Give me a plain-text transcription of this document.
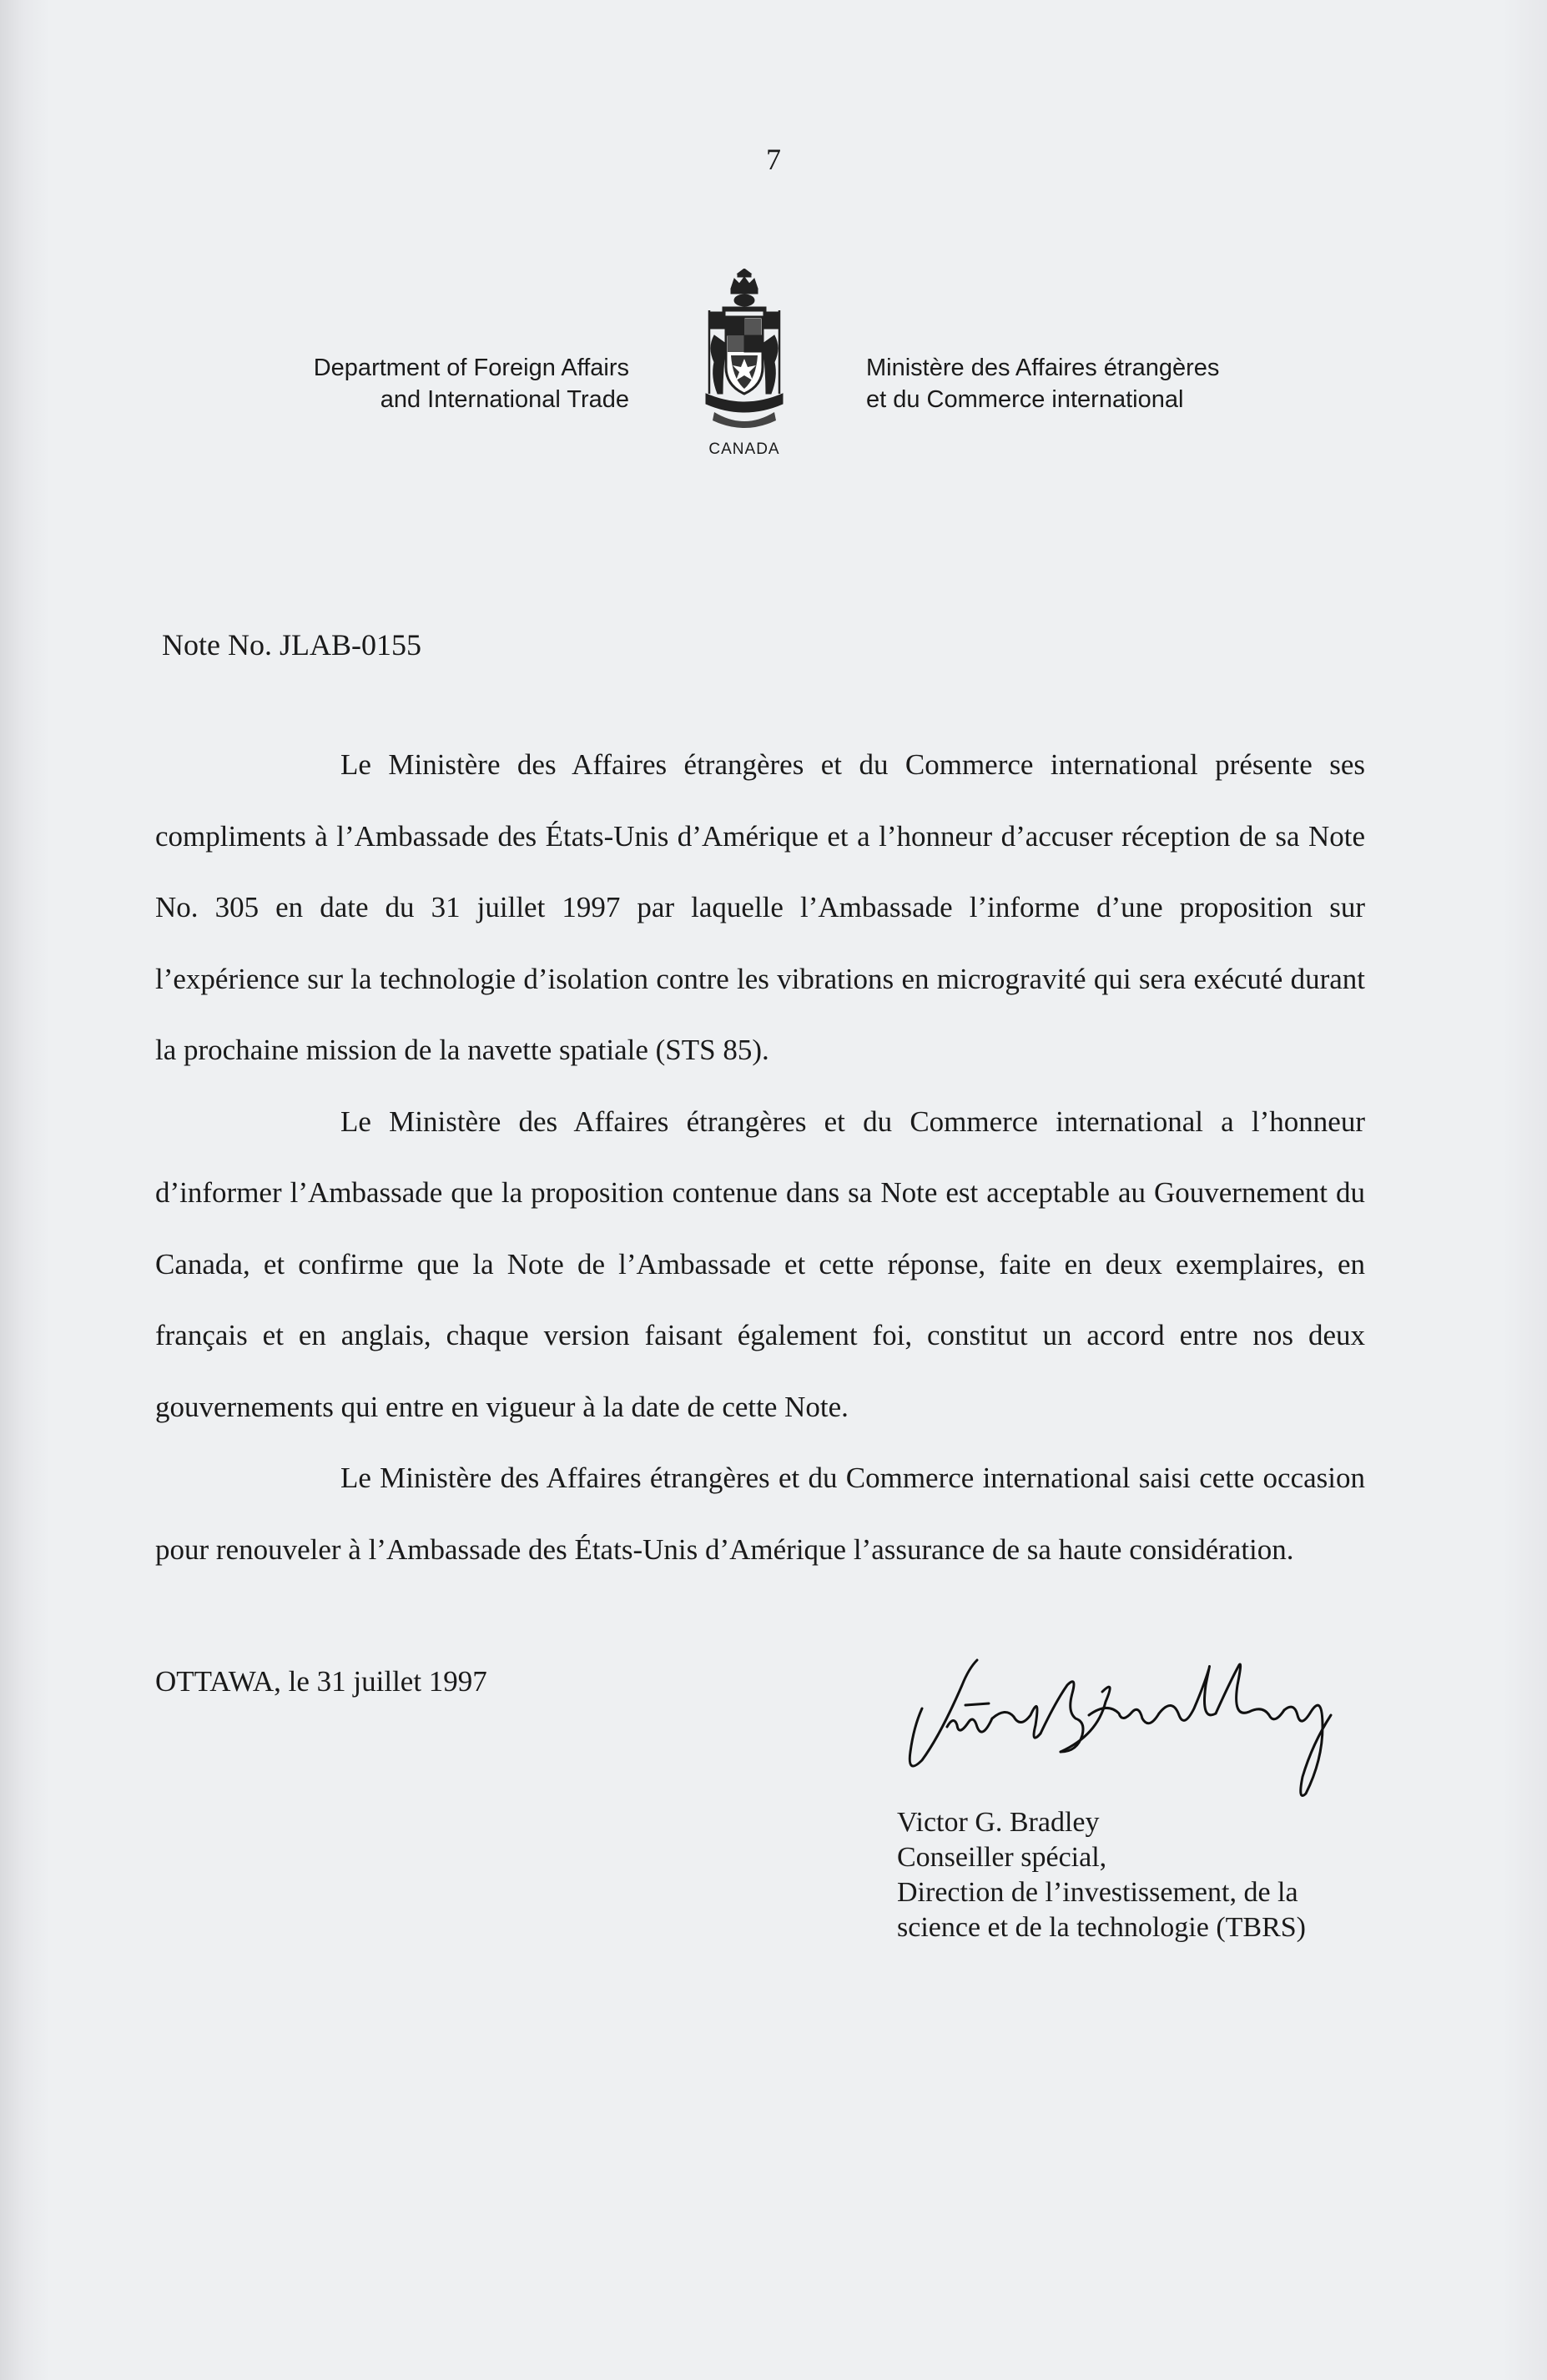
7
Department of Foreign Affairs
and International Trade
Ministère des Affaires étrangères
et du Commerce international
CANADA
Note No. JLAB-0155

Le Ministère des Affaires étrangères et du Commerce international présente ses compliments à l’Ambassade des États-Unis d’Amérique et a l’honneur d’accuser réception de sa Note No. 305 en date du 31 juillet 1997 par laquelle l’Ambassade l’informe d’une proposition sur l’expérience sur la technologie d’isolation contre les vibrations en microgravité qui sera exécuté durant la prochaine mission de la navette spatiale (STS 85).

Le Ministère des Affaires étrangères et du Commerce international a l’honneur d’informer l’Ambassade que la proposition contenue dans sa Note est acceptable au Gouvernement du Canada, et confirme que la Note de l’Ambassade et cette réponse, faite en deux exemplaires, en français et en anglais, chaque version faisant également foi, constitut un accord entre nos deux gouvernements qui entre en vigueur à la date de cette Note.

Le Ministère des Affaires étrangères et du Commerce international saisi cette occasion pour renouveler à l’Ambassade des États-Unis d’Amérique l’assurance de sa haute considération.

OTTAWA, le 31 juillet 1997
Victor G. Bradley
Conseiller spécial,
Direction de l’investissement, de la
science et de la technologie (TBRS)
